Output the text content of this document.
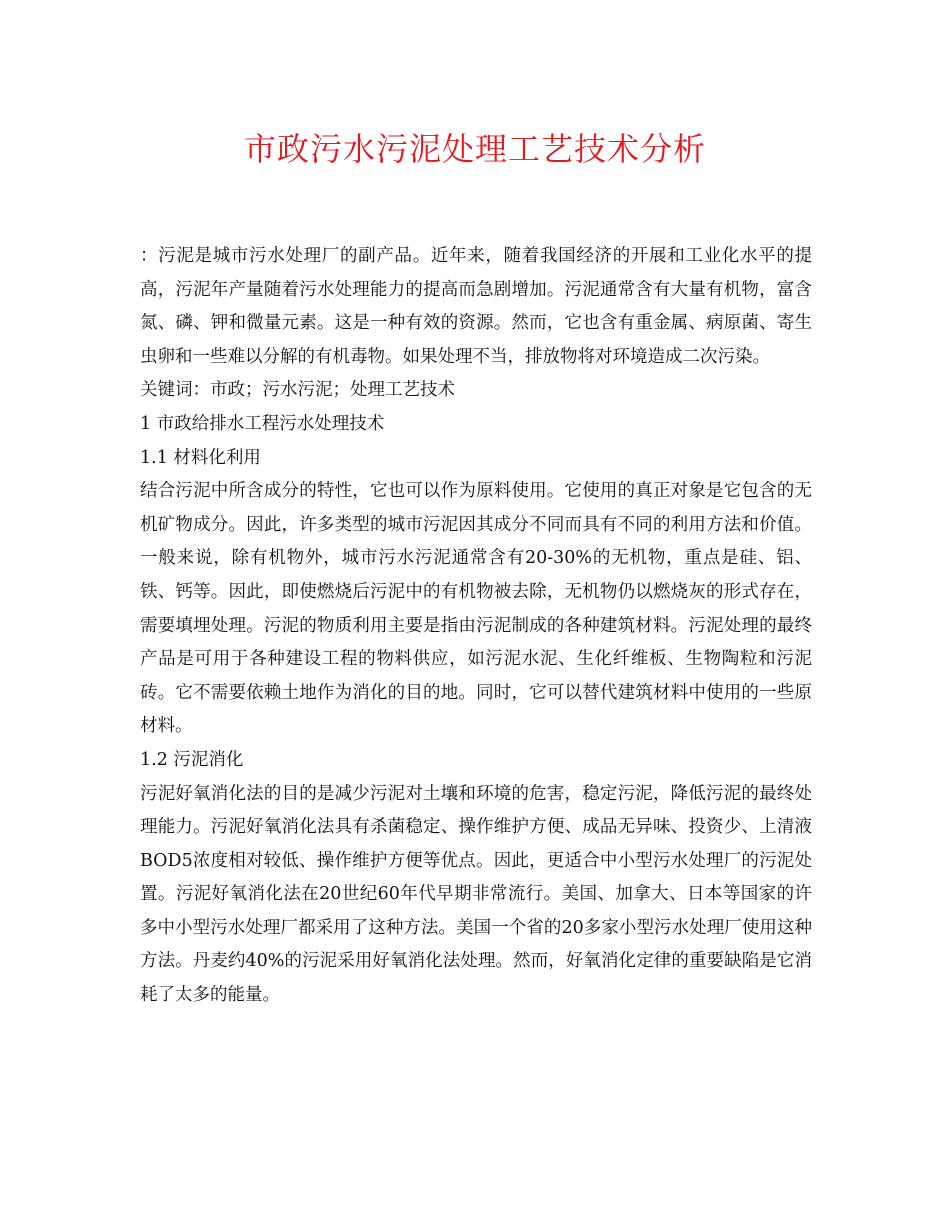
市政污水污泥处理工艺技术分析

：污泥是城市污水处理厂的副产品。近年来，随着我国经济的开展和工业化水平的提高，污泥年产量随着污水处理能力的提高而急剧增加。污泥通常含有大量有机物，富含氮、磷、钾和微量元素。这是一种有效的资源。然而，它也含有重金属、病原菌、寄生虫卵和一些难以分解的有机毒物。如果处理不当，排放物将对环境造成二次污染。

关键词：市政；污水污泥；处理工艺技术

1 市政给排水工程污水处理技术

1.1 材料化利用

结合污泥中所含成分的特性，它也可以作为原料使用。它使用的真正对象是它包含的无机矿物成分。因此，许多类型的城市污泥因其成分不同而具有不同的利用方法和价值。一般来说，除有机物外，城市污水污泥通常含有20-30%的无机物，重点是硅、铝、铁、钙等。因此，即使燃烧后污泥中的有机物被去除，无机物仍以燃烧灰的形式存在，需要填埋处理。污泥的物质利用主要是指由污泥制成的各种建筑材料。污泥处理的最终产品是可用于各种建设工程的物料供应，如污泥水泥、生化纤维板、生物陶粒和污泥砖。它不需要依赖土地作为消化的目的地。同时，它可以替代建筑材料中使用的一些原材料。

1.2 污泥消化

污泥好氧消化法的目的是减少污泥对土壤和环境的危害，稳定污泥，降低污泥的最终处理能力。污泥好氧消化法具有杀菌稳定、操作维护方便、成品无异味、投资少、上清液BOD5浓度相对较低、操作维护方便等优点。因此，更适合中小型污水处理厂的污泥处置。污泥好氧消化法在20世纪60年代早期非常流行。美国、加拿大、日本等国家的许多中小型污水处理厂都采用了这种方法。美国一个省的20多家小型污水处理厂使用这种方法。丹麦约40%的污泥采用好氧消化法处理。然而，好氧消化定律的重要缺陷是它消耗了太多的能量。
